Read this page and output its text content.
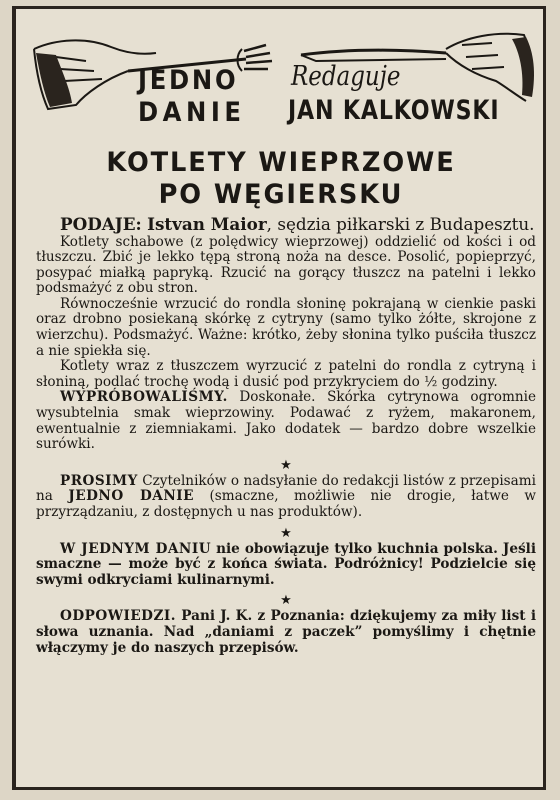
JEDNO
DANIE
Redaguje
JAN KALKOWSKI
KOTLETY WIEPRZOWE
PO WĘGIERSKU

PODAJE: Istvan Maior, sędzia piłkarski z Budapesztu.

Kotlety schabowe (z polędwicy wieprzowej) oddzielić od kości i od tłuszczu. Zbić je lekko tępą stroną noża na desce. Posolić, popieprzyć, posypać miałką papryką. Rzucić na gorący tłuszcz na patelni i lekko podsmażyć z obu stron.

Równocześnie wrzucić do rondla słoninę pokrajaną w cienkie paski oraz drobno posiekaną skórkę z cytryny (samo tylko żółte, skrojone z wierzchu). Podsmażyć. Ważne: krótko, żeby słonina tylko puściła tłuszcz a nie spiekła się.

Kotlety wraz z tłuszczem wyrzucić z patelni do rondla z cytryną i słoniną, podlać trochę wodą i dusić pod przykryciem do ½ godziny.

WYPRÓBOWALIŚMY. Doskonałe. Skórka cytrynowa ogromnie wysubtelnia smak wieprzowiny. Podawać z ryżem, makaronem, ewentualnie z ziemniakami. Jako dodatek — bardzo dobre wszelkie surówki.

★

PROSIMY Czytelników o nadsyłanie do redakcji listów z przepisami na JEDNO DANIE (smaczne, możliwie nie drogie, łatwe w przyrządzaniu, z dostępnych u nas produktów).

★

W JEDNYM DANIU nie obowiązuje tylko kuchnia polska. Jeśli smaczne — może być z końca świata. Podróżnicy! Podzielcie się swymi odkryciami kulinarnymi.

★

ODPOWIEDZI. Pani J. K. z Poznania: dziękujemy za miły list i słowa uznania. Nad „daniami z paczek” pomyślimy i chętnie włączymy je do naszych przepisów.
